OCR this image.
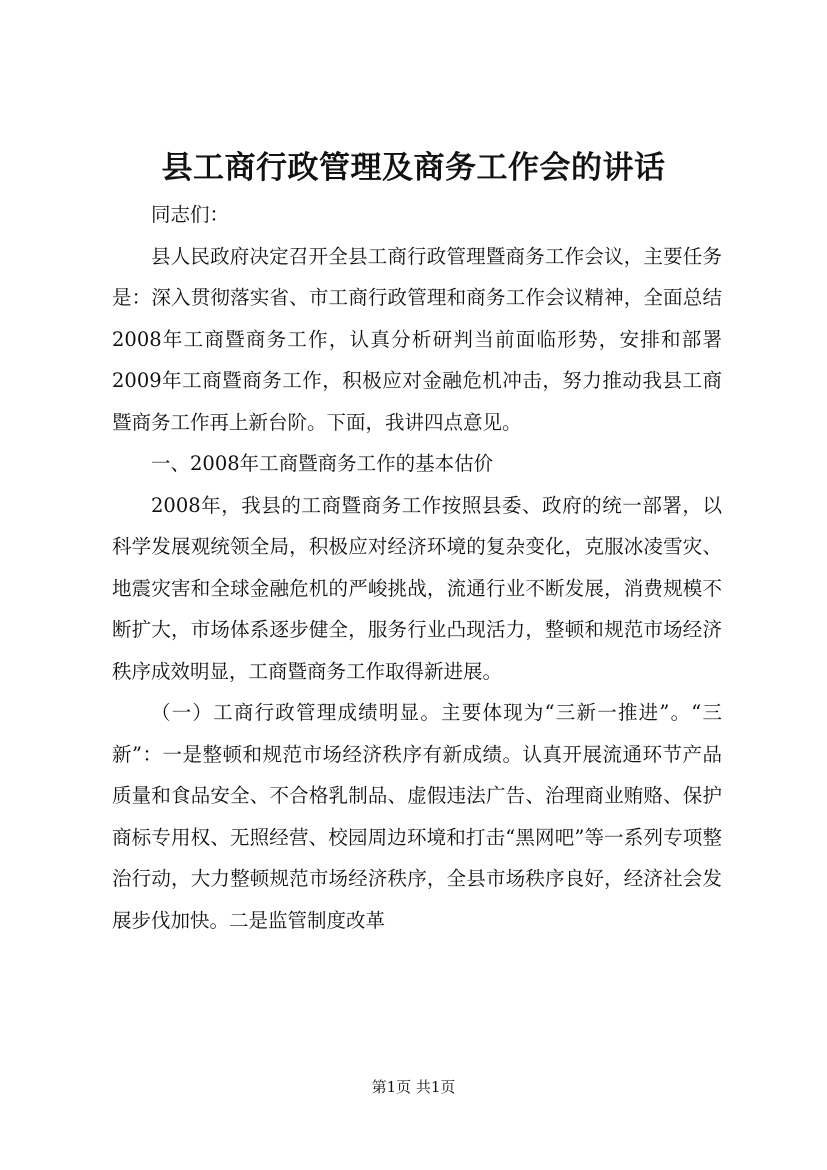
县工商行政管理及商务工作会的讲话

同志们：

县人民政府决定召开全县工商行政管理暨商务工作会议，主要任务是：深入贯彻落实省、市工商行政管理和商务工作会议精神，全面总结2008年工商暨商务工作，认真分析研判当前面临形势，安排和部署2009年工商暨商务工作，积极应对金融危机冲击，努力推动我县工商暨商务工作再上新台阶。下面，我讲四点意见。

一、2008年工商暨商务工作的基本估价

2008年，我县的工商暨商务工作按照县委、政府的统一部署，以科学发展观统领全局，积极应对经济环境的复杂变化，克服冰凌雪灾、地震灾害和全球金融危机的严峻挑战，流通行业不断发展，消费规模不断扩大，市场体系逐步健全，服务行业凸现活力，整顿和规范市场经济秩序成效明显，工商暨商务工作取得新进展。

（一）工商行政管理成绩明显。主要体现为“三新一推进”。“三新”：一是整顿和规范市场经济秩序有新成绩。认真开展流通环节产品质量和食品安全、不合格乳制品、虚假违法广告、治理商业贿赂、保护商标专用权、无照经营、校园周边环境和打击“黑网吧”等一系列专项整治行动，大力整顿规范市场经济秩序，全县市场秩序良好，经济社会发展步伐加快。二是监管制度改革

第1页 共1页
